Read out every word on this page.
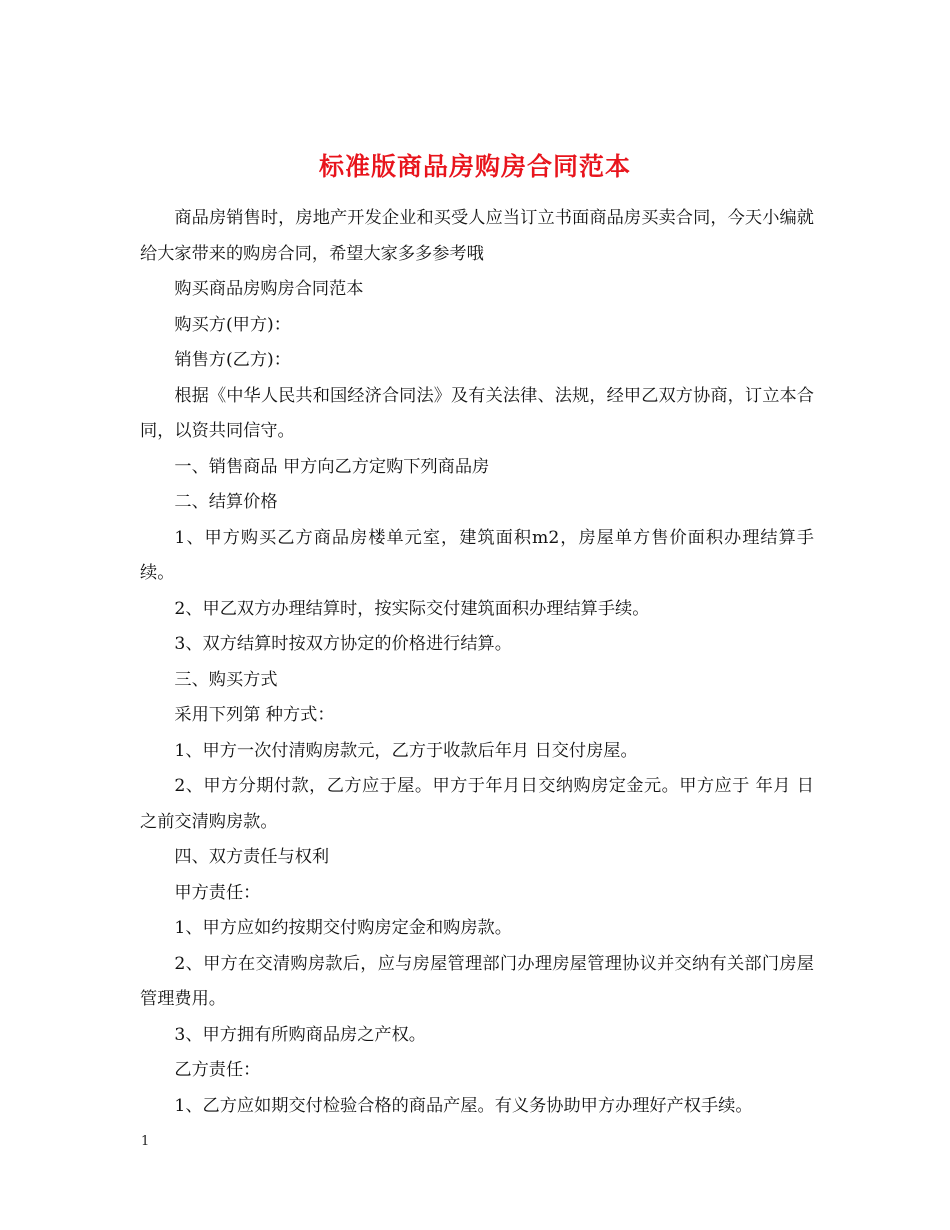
标准版商品房购房合同范本

商品房销售时，房地产开发企业和买受人应当订立书面商品房买卖合同，今天小编就给大家带来的购房合同，希望大家多多参考哦

购买商品房购房合同范本

购买方(甲方)：

销售方(乙方)：

根据《中华人民共和国经济合同法》及有关法律、法规，经甲乙双方协商，订立本合同，以资共同信守。

一、销售商品 甲方向乙方定购下列商品房

二、结算价格

1、甲方购买乙方商品房楼单元室，建筑面积m2，房屋单方售价面积办理结算手续。

2、甲乙双方办理结算时，按实际交付建筑面积办理结算手续。

3、双方结算时按双方协定的价格进行结算。

三、购买方式

采用下列第 种方式：

1、甲方一次付清购房款元，乙方于收款后年月 日交付房屋。

2、甲方分期付款，乙方应于屋。甲方于年月日交纳购房定金元。甲方应于 年月 日之前交清购房款。

四、双方责任与权利

甲方责任：

1、甲方应如约按期交付购房定金和购房款。

2、甲方在交清购房款后，应与房屋管理部门办理房屋管理协议并交纳有关部门房屋管理费用。

3、甲方拥有所购商品房之产权。

乙方责任：

1、乙方应如期交付检验合格的商品产屋。有义务协助甲方办理好产权手续。

1
